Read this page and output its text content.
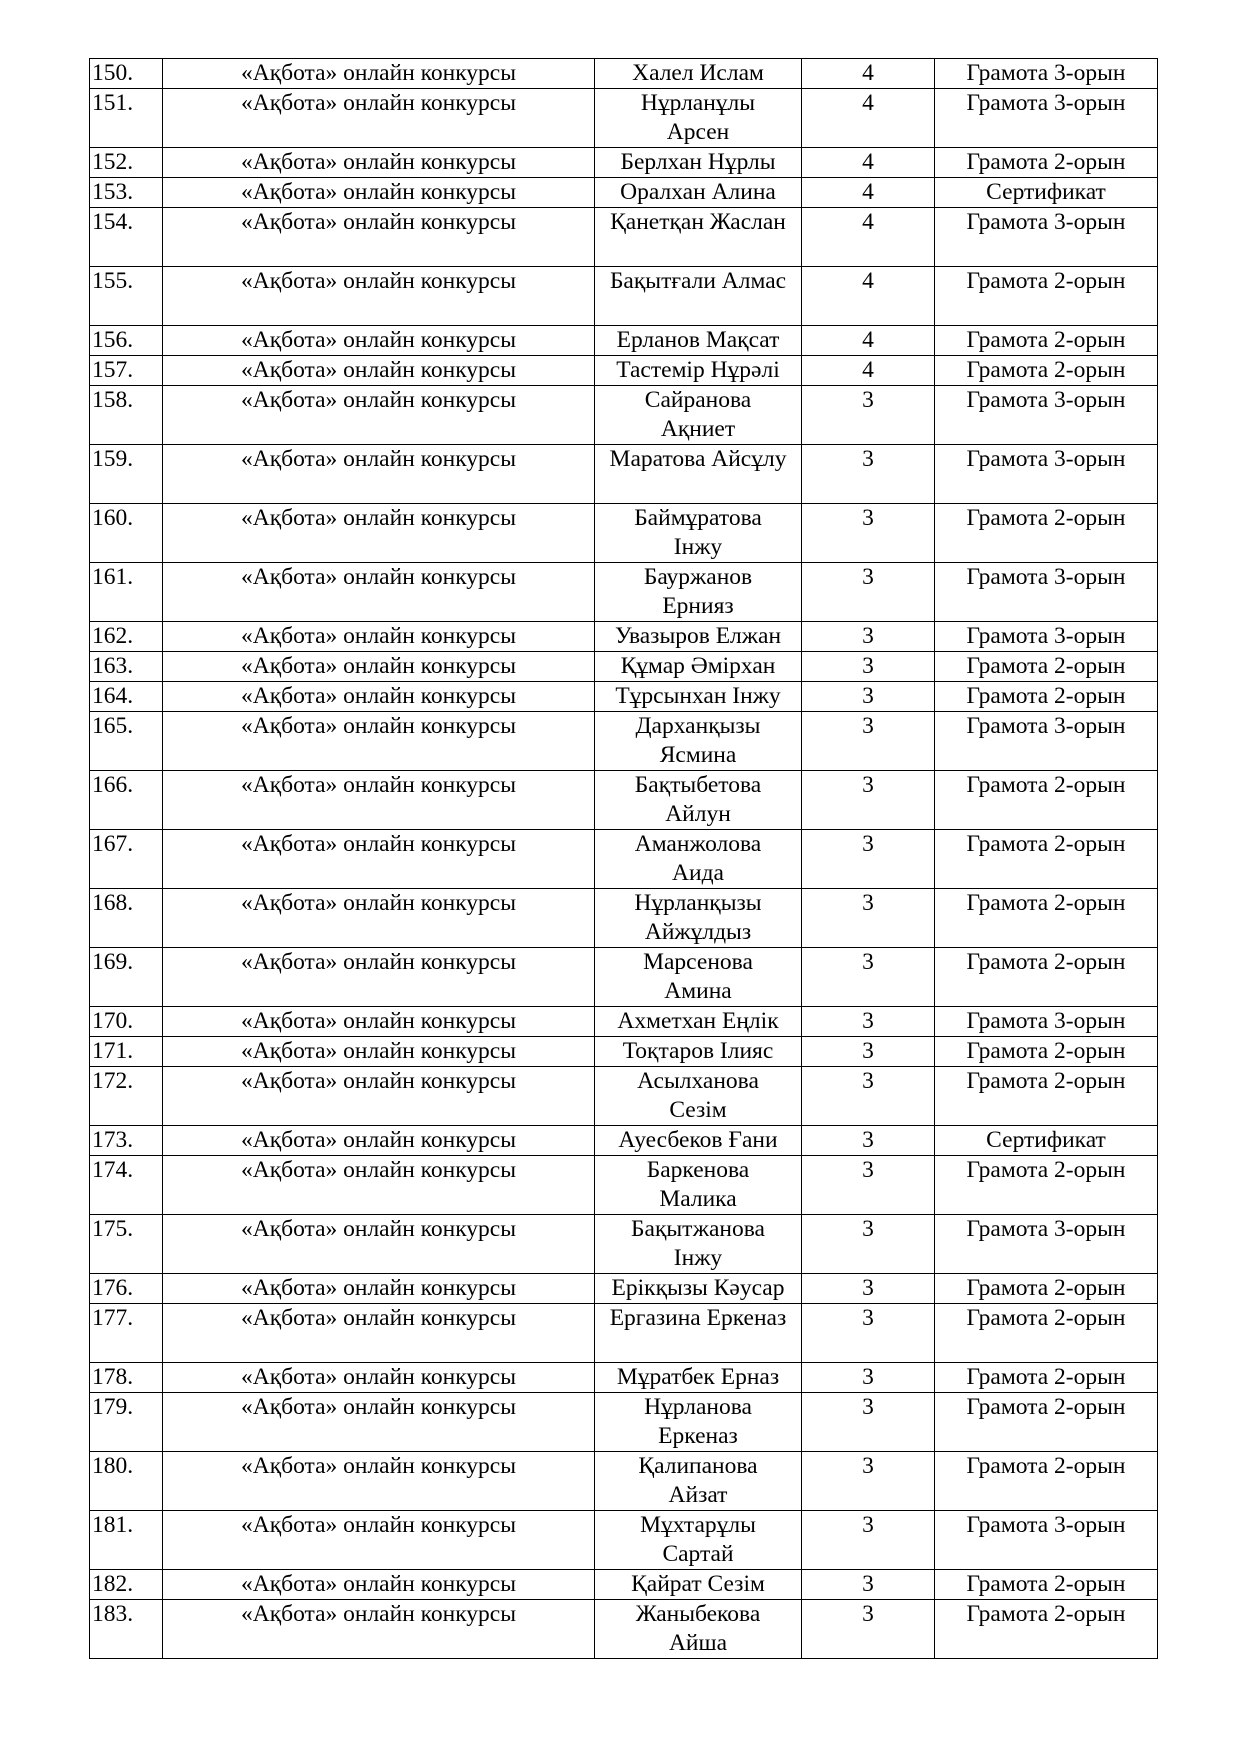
150.	«Ақбота» онлайн конкурсы	Халел Ислам	4	Грамота 3-орын
151.	«Ақбота» онлайн конкурсы	Нұрланұлы Арсен	4	Грамота 3-орын
152.	«Ақбота» онлайн конкурсы	Берлхан Нұрлы	4	Грамота 2-орын
153.	«Ақбота» онлайн конкурсы	Оралхан Алина	4	Сертификат
154.	«Ақбота» онлайн конкурсы	Қанетқан Жаслан	4	Грамота 3-орын
155.	«Ақбота» онлайн конкурсы	Бақытғали Алмас	4	Грамота 2-орын
156.	«Ақбота» онлайн конкурсы	Ерланов Мақсат	4	Грамота 2-орын
157.	«Ақбота» онлайн конкурсы	Тастемір Нұрәлі	4	Грамота 2-орын
158.	«Ақбота» онлайн конкурсы	Сайранова Ақниет	3	Грамота 3-орын
159.	«Ақбота» онлайн конкурсы	Маратова Айсұлу	3	Грамота 3-орын
160.	«Ақбота» онлайн конкурсы	Баймұратова Інжу	3	Грамота 2-орын
161.	«Ақбота» онлайн конкурсы	Бауржанов Ернияз	3	Грамота 3-орын
162.	«Ақбота» онлайн конкурсы	Увазыров Елжан	3	Грамота 3-орын
163.	«Ақбота» онлайн конкурсы	Құмар Әмірхан	3	Грамота 2-орын
164.	«Ақбота» онлайн конкурсы	Тұрсынхан Інжу	3	Грамота 2-орын
165.	«Ақбота» онлайн конкурсы	Дарханқызы Ясмина	3	Грамота 3-орын
166.	«Ақбота» онлайн конкурсы	Бақтыбетова Айлун	3	Грамота 2-орын
167.	«Ақбота» онлайн конкурсы	Аманжолова Аида	3	Грамота 2-орын
168.	«Ақбота» онлайн конкурсы	Нұрланқызы Айжұлдыз	3	Грамота 2-орын
169.	«Ақбота» онлайн конкурсы	Марсенова Амина	3	Грамота 2-орын
170.	«Ақбота» онлайн конкурсы	Ахметхан Еңлік	3	Грамота 3-орын
171.	«Ақбота» онлайн конкурсы	Тоқтаров Ілияс	3	Грамота 2-орын
172.	«Ақбота» онлайн конкурсы	Асылханова Сезім	3	Грамота 2-орын
173.	«Ақбота» онлайн конкурсы	Ауесбеков Ғани	3	Сертификат
174.	«Ақбота» онлайн конкурсы	Баркенова Малика	3	Грамота 2-орын
175.	«Ақбота» онлайн конкурсы	Бақытжанова Інжу	3	Грамота 3-орын
176.	«Ақбота» онлайн конкурсы	Ерікқызы Кәусар	3	Грамота 2-орын
177.	«Ақбота» онлайн конкурсы	Ергазина Еркеназ	3	Грамота 2-орын
178.	«Ақбота» онлайн конкурсы	Мұратбек Ерназ	3	Грамота 2-орын
179.	«Ақбота» онлайн конкурсы	Нұрланова Еркеназ	3	Грамота 2-орын
180.	«Ақбота» онлайн конкурсы	Қалипанова Айзат	3	Грамота 2-орын
181.	«Ақбота» онлайн конкурсы	Мұхтарұлы Сартай	3	Грамота 3-орын
182.	«Ақбота» онлайн конкурсы	Қайрат Сезім	3	Грамота 2-орын
183.	«Ақбота» онлайн конкурсы	Жаныбекова Айша	3	Грамота 2-орын
